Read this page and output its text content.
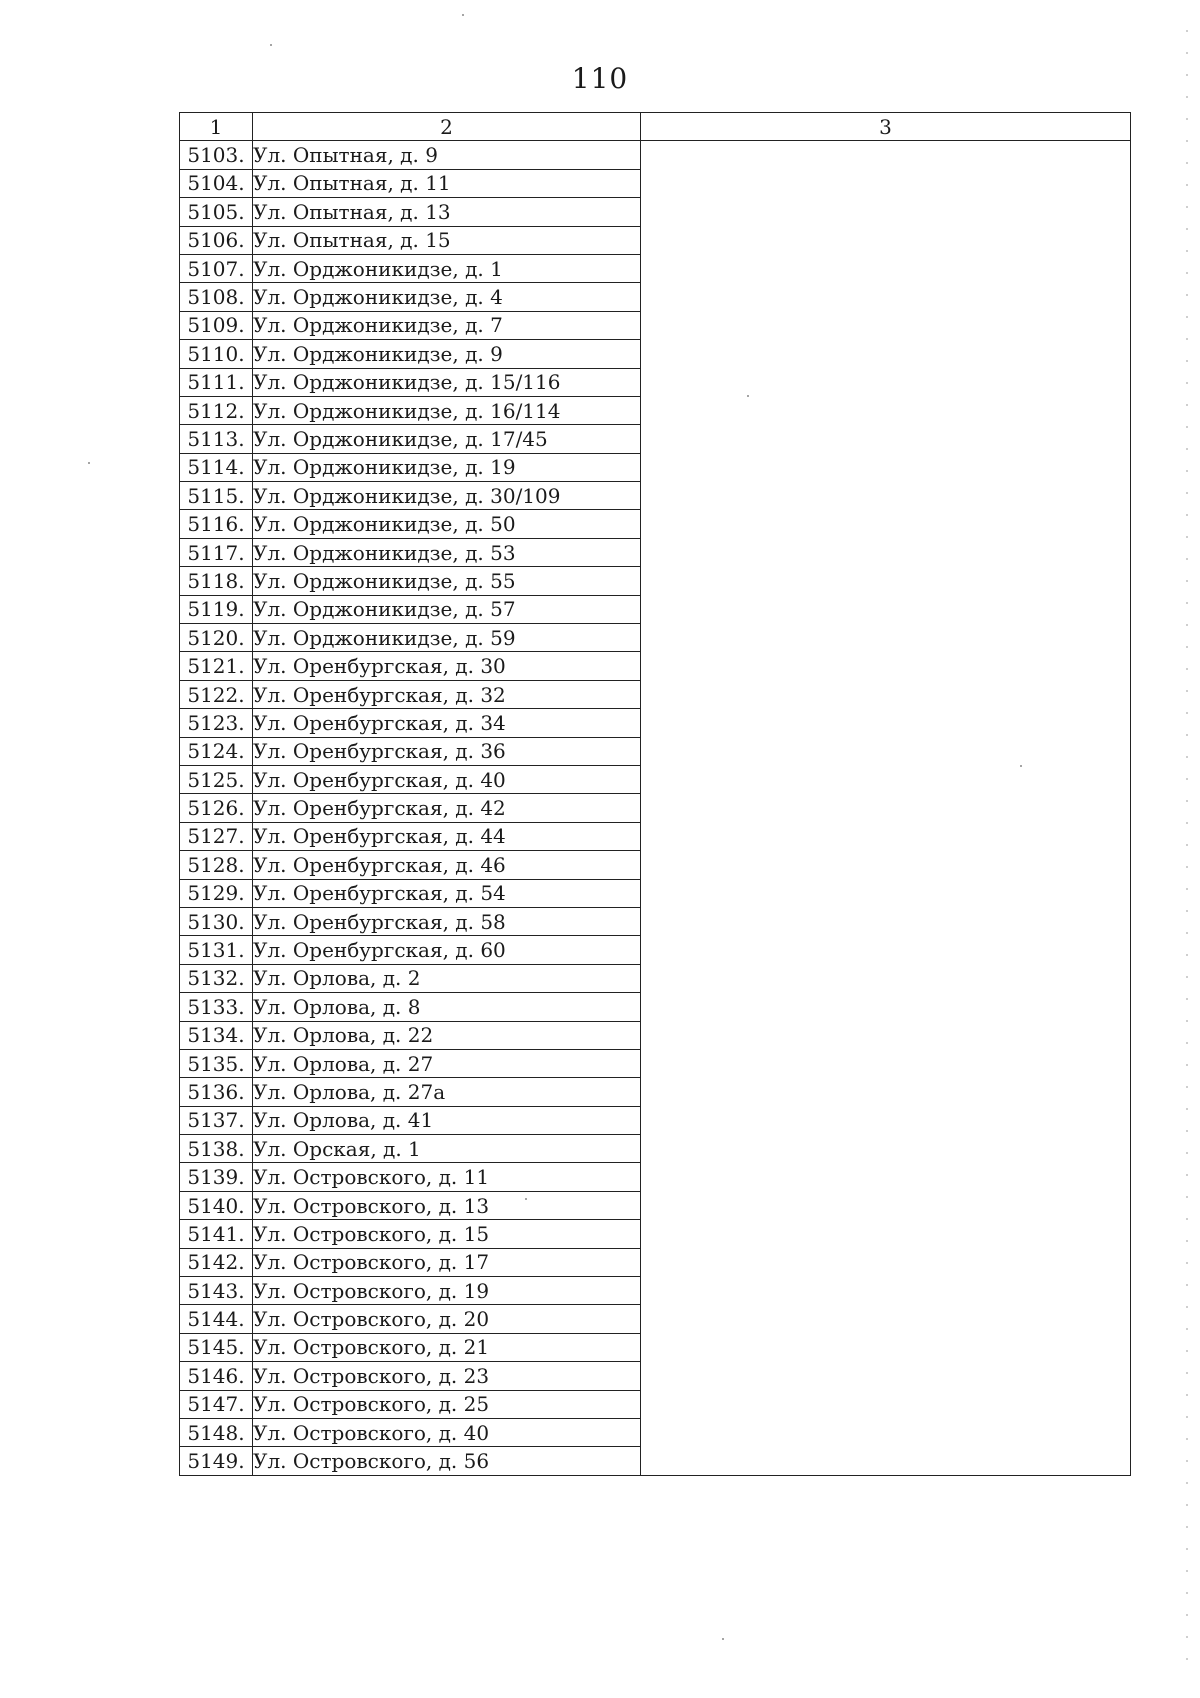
110
1	2	3
5103.	Ул. Опытная, д. 9	
5104.	Ул. Опытная, д. 11	
5105.	Ул. Опытная, д. 13	
5106.	Ул. Опытная, д. 15	
5107.	Ул. Орджоникидзе, д. 1	
5108.	Ул. Орджоникидзе, д. 4	
5109.	Ул. Орджоникидзе, д. 7	
5110.	Ул. Орджоникидзе, д. 9	
5111.	Ул. Орджоникидзе, д. 15/116	
5112.	Ул. Орджоникидзе, д. 16/114	
5113.	Ул. Орджоникидзе, д. 17/45	
5114.	Ул. Орджоникидзе, д. 19	
5115.	Ул. Орджоникидзе, д. 30/109	
5116.	Ул. Орджоникидзе, д. 50	
5117.	Ул. Орджоникидзе, д. 53	
5118.	Ул. Орджоникидзе, д. 55	
5119.	Ул. Орджоникидзе, д. 57	
5120.	Ул. Орджоникидзе, д. 59	
5121.	Ул. Оренбургская, д. 30	
5122.	Ул. Оренбургская, д. 32	
5123.	Ул. Оренбургская, д. 34	
5124.	Ул. Оренбургская, д. 36	
5125.	Ул. Оренбургская, д. 40	
5126.	Ул. Оренбургская, д. 42	
5127.	Ул. Оренбургская, д. 44	
5128.	Ул. Оренбургская, д. 46	
5129.	Ул. Оренбургская, д. 54	
5130.	Ул. Оренбургская, д. 58	
5131.	Ул. Оренбургская, д. 60	
5132.	Ул. Орлова, д. 2	
5133.	Ул. Орлова, д. 8	
5134.	Ул. Орлова, д. 22	
5135.	Ул. Орлова, д. 27	
5136.	Ул. Орлова, д. 27а	
5137.	Ул. Орлова, д. 41	
5138.	Ул. Орская, д. 1	
5139.	Ул. Островского, д. 11	
5140.	Ул. Островского, д. 13	
5141.	Ул. Островского, д. 15	
5142.	Ул. Островского, д. 17	
5143.	Ул. Островского, д. 19	
5144.	Ул. Островского, д. 20	
5145.	Ул. Островского, д. 21	
5146.	Ул. Островского, д. 23	
5147.	Ул. Островского, д. 25	
5148.	Ул. Островского, д. 40	
5149.	Ул. Островского, д. 56	
